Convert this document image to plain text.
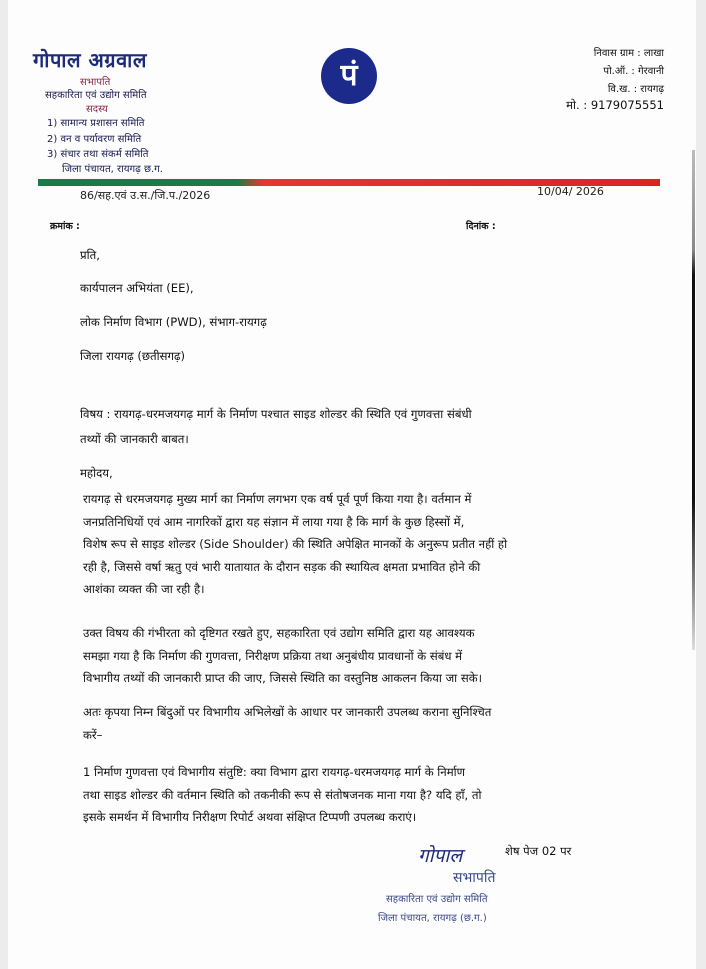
गोपाल अग्रवाल
सभापति
सहकारिता एवं उद्योग समिति
सदस्य
1) सामान्य प्रशासन समिति
2) वन व पर्यावरण समिति
3) संचार तथा संकर्म समिति
जिला पंचायत, रायगढ़ छ.ग.
पं
निवास ग्राम : लाखा
पो.ऑ. : गेरवानी
वि.ख. : रायगढ़
मो. : 9179075551
86/सह.एवं उ.स./जि.प./2026	10/04/ 2026
क्रमांक :	दिनांक :
प्रति,
कार्यपालन अभियंता (EE),
लोक निर्माण विभाग (PWD), संभाग-रायगढ़
जिला रायगढ़ (छतीसगढ़)
विषय : रायगढ़-धरमजयगढ़ मार्ग के निर्माण पश्चात साइड शोल्डर की स्थिति एवं गुणवत्ता संबंधी
तथ्यों की जानकारी बाबत।
महोदय,
रायगढ़ से धरमजयगढ़ मुख्य मार्ग का निर्माण लगभग एक वर्ष पूर्व पूर्ण किया गया है। वर्तमान में
जनप्रतिनिधियों एवं आम नागरिकों द्वारा यह संज्ञान में लाया गया है कि मार्ग के कुछ हिस्सों में,
विशेष रूप से साइड शोल्डर (Side Shoulder) की स्थिति अपेक्षित मानकों के अनुरूप प्रतीत नहीं हो
रही है, जिससे वर्षा ऋतु एवं भारी यातायात के दौरान सड़क की स्थायित्व क्षमता प्रभावित होने की
आशंका व्यक्त की जा रही है।
उक्त विषय की गंभीरता को दृष्टिगत रखते हुए, सहकारिता एवं उद्योग समिति द्वारा यह आवश्यक
समझा गया है कि निर्माण की गुणवत्ता, निरीक्षण प्रक्रिया तथा अनुबंधीय प्रावधानों के संबंध में
विभागीय तथ्यों की जानकारी प्राप्त की जाए, जिससे स्थिति का वस्तुनिष्ठ आकलन किया जा सके।
अतः कृपया निम्न बिंदुओं पर विभागीय अभिलेखों के आधार पर जानकारी उपलब्ध कराना सुनिश्चित
करें–
1 निर्माण गुणवत्ता एवं विभागीय संतुष्टि: क्या विभाग द्वारा रायगढ़-धरमजयगढ़ मार्ग के निर्माण
तथा साइड शोल्डर की वर्तमान स्थिति को तकनीकी रूप से संतोषजनक माना गया है? यदि हाँ, तो
इसके समर्थन में विभागीय निरीक्षण रिपोर्ट अथवा संक्षिप्त टिप्पणी उपलब्ध कराएं।
गोपाल	शेष पेज 02 पर
सभापति
सहकारिता एवं उद्योग समिति
जिला पंचायत, रायगढ़ (छ.ग.)
